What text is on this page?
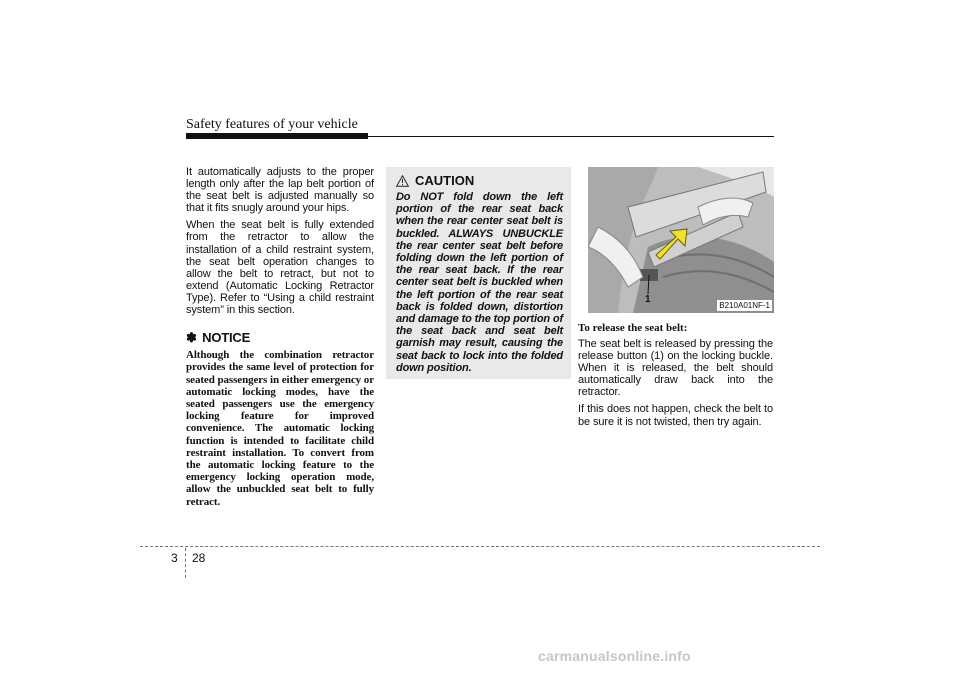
Safety features of your vehicle

It automatically adjusts to the proper length only after the lap belt portion of the seat belt is adjusted manually so that it fits snugly around your hips.

When the seat belt is fully extended from the retractor to allow the installation of a child restraint system, the seat belt operation changes to allow the belt to retract, but not to extend (Automatic Locking Retractor Type). Refer to “Using a child restraint system” in this section.

✽ NOTICE

Although the combination retractor provides the same level of protection for seated passengers in either emergency or automatic locking modes, have the seated passengers use the emergency locking feature for improved convenience. The automatic locking function is intended to facilitate child restraint installation. To convert from the automatic locking feature to the emergency locking operation mode, allow the unbuckled seat belt to fully retract.

CAUTION

Do NOT fold down the left portion of the rear seat back when the rear center seat belt is buckled. ALWAYS UNBUCKLE the rear center seat belt before folding down the left portion of the rear seat back. If the rear center seat belt is buckled when the left portion of the rear seat back is folded down, distortion and damage to the top portion of the seat back and seat belt garnish may result, causing the seat back to lock into the folded down position.

1
B210A01NF-1
To release the seat belt:

The seat belt is released by pressing the release button (1) on the locking buckle. When it is released, the belt should automatically draw back into the retractor.

If this does not happen, check the belt to be sure it is not twisted, then try again.

3 28
carmanualsonline.info
